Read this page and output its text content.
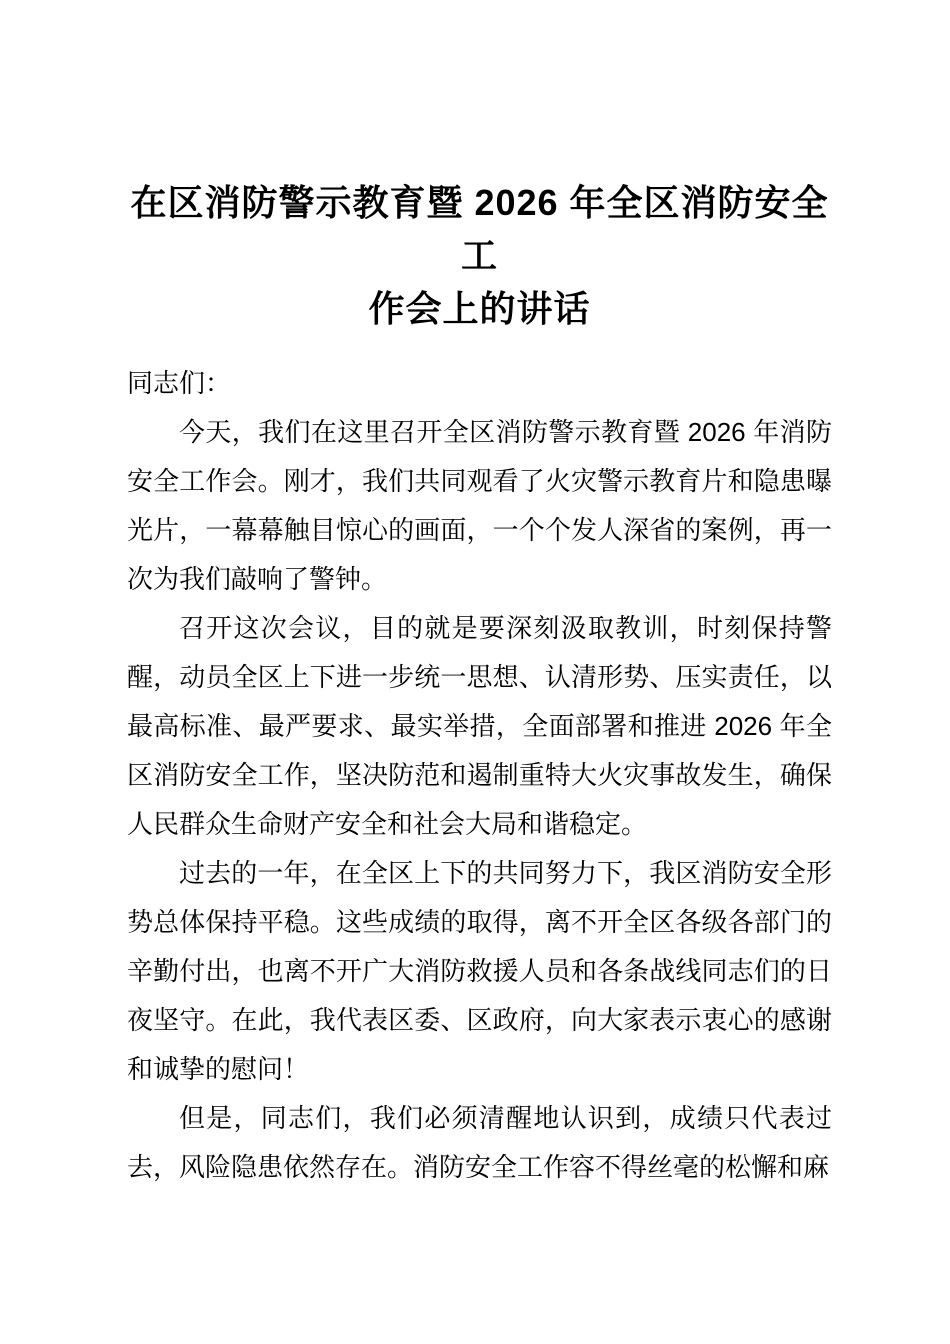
在区消防警示教育暨 2026 年全区消防安全工
作会上的讲话

同志们：

今天，我们在这里召开全区消防警示教育暨 2026 年消防安全工作会。刚才，我们共同观看了火灾警示教育片和隐患曝光片，一幕幕触目惊心的画面，一个个发人深省的案例，再一次为我们敲响了警钟。

召开这次会议，目的就是要深刻汲取教训，时刻保持警醒，动员全区上下进一步统一思想、认清形势、压实责任，以最高标准、最严要求、最实举措，全面部署和推进 2026 年全区消防安全工作，坚决防范和遏制重特大火灾事故发生，确保人民群众生命财产安全和社会大局和谐稳定。

过去的一年，在全区上下的共同努力下，我区消防安全形势总体保持平稳。这些成绩的取得，离不开全区各级各部门的辛勤付出，也离不开广大消防救援人员和各条战线同志们的日夜坚守。在此，我代表区委、区政府，向大家表示衷心的感谢和诚挚的慰问！

但是，同志们，我们必须清醒地认识到，成绩只代表过去，风险隐患依然存在。消防安全工作容不得丝毫的松懈和麻
